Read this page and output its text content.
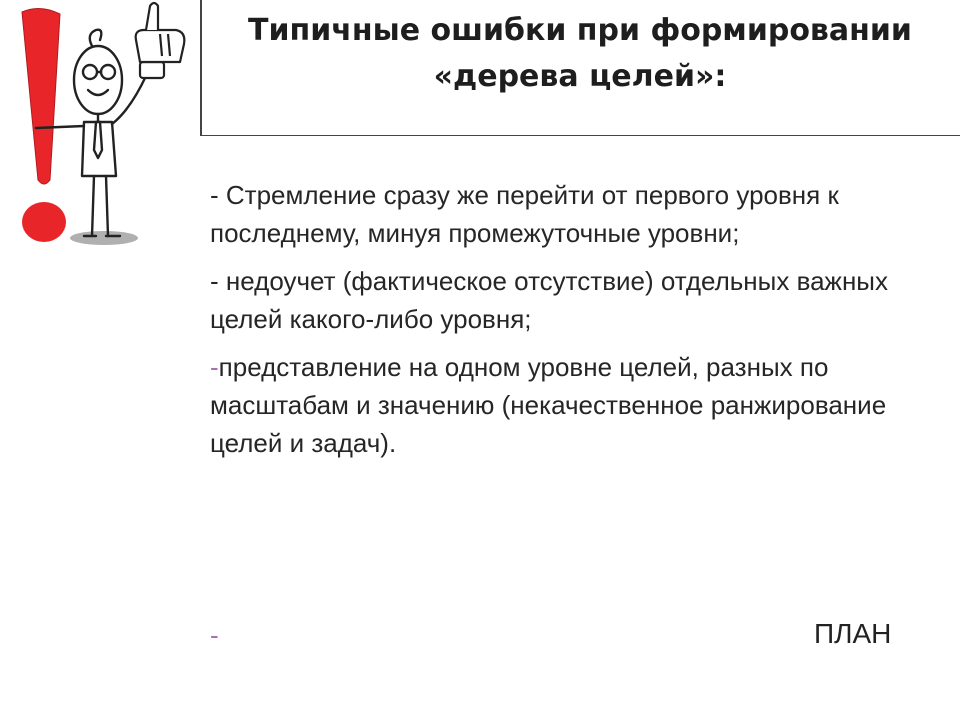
Типичные ошибки при формировании
«дерева целей»:
- Стремление сразу же перейти от первого уровня к последнему, минуя промежуточные уровни;
- недоучет (фактическое отсутствие) отдельных важных целей какого-либо уровня;
-представление на одном уровне целей, разных по масштабам и значению (некачественное ранжирование целей и задач).
-	ПЛАН
